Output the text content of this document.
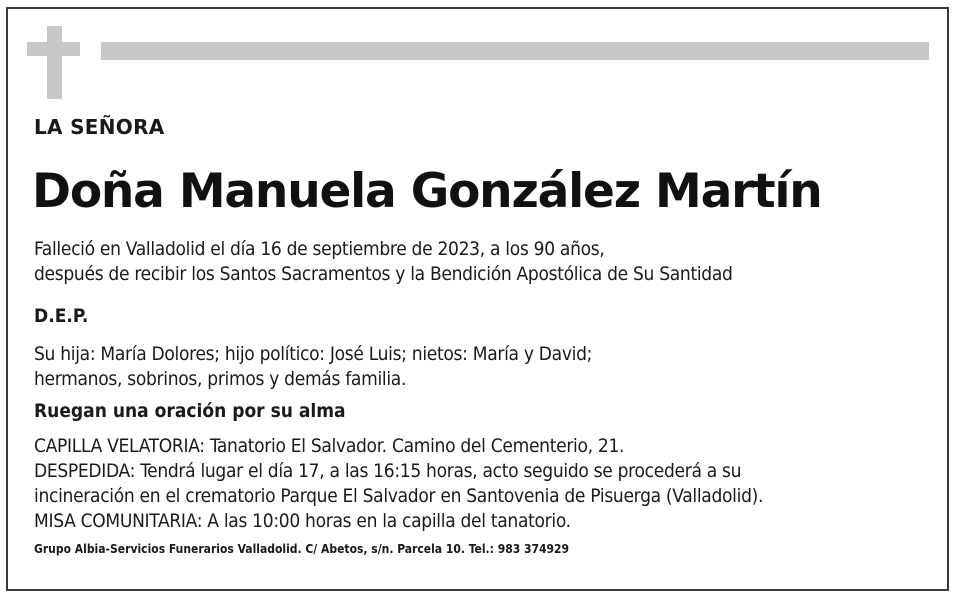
LA SEÑORA
Doña Manuela González Martín
Falleció en Valladolid el día 16 de septiembre de 2023, a los 90 años,
después de recibir los Santos Sacramentos y la Bendición Apostólica de Su Santidad
D.E.P.
Su hija: María Dolores; hijo político: José Luis; nietos: María y David;
hermanos, sobrinos, primos y demás familia.
Ruegan una oración por su alma
CAPILLA VELATORIA: Tanatorio El Salvador. Camino del Cementerio, 21.
DESPEDIDA: Tendrá lugar el día 17, a las 16:15 horas, acto seguido se procederá a su
incineración en el crematorio Parque El Salvador en Santovenia de Pisuerga (Valladolid).
MISA COMUNITARIA: A las 10:00 horas en la capilla del tanatorio.
Grupo Albia-Servicios Funerarios Valladolid. C/ Abetos, s/n. Parcela 10. Tel.: 983 374929
